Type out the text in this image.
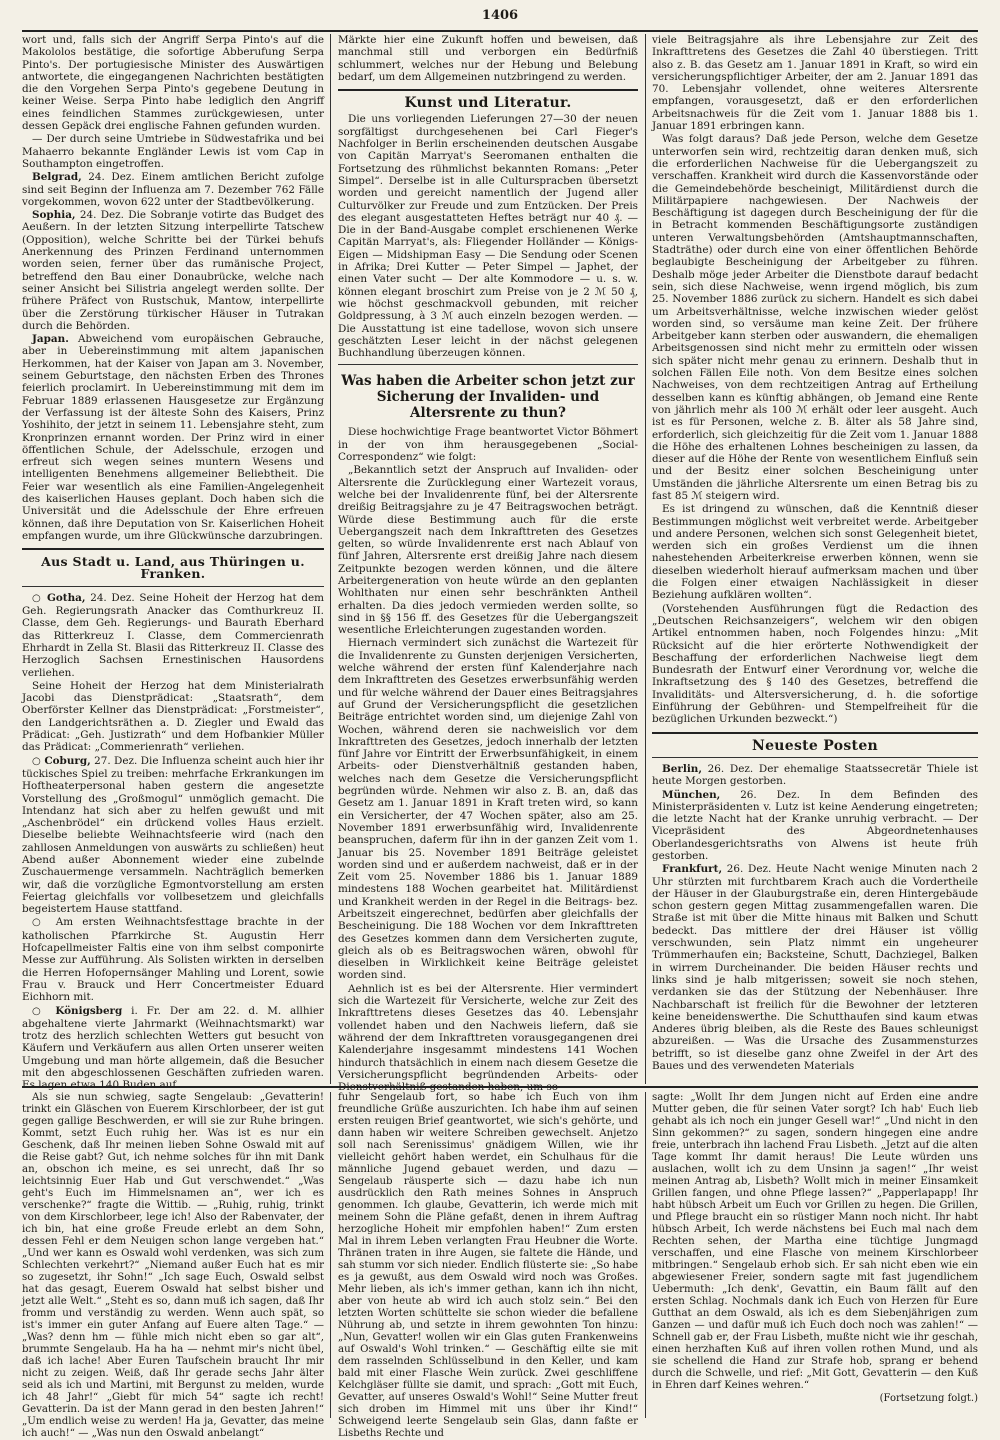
1406

wort und, falls sich der Angriff Serpa Pinto's auf die Makololos bestätige, die sofortige Abberufung Serpa Pinto's. Der portugiesische Minister des Auswärtigen antwortete, die eingegangenen Nachrichten bestätigten die den Vorgehen Serpa Pinto's gegebene Deutung in keiner Weise. Serpa Pinto habe lediglich den Angriff eines feindlichen Stammes zurückgewiesen, unter dessen Gepäck drei englische Fahnen gefunden wurden.

— Der durch seine Umtriebe in Südwestafrika und bei Mahaerro bekannte Engländer Lewis ist vom Cap in Southampton eingetroffen.

Belgrad, 24. Dez. Einem amtlichen Bericht zufolge sind seit Beginn der Influenza am 7. Dezember 762 Fälle vorgekommen, wovon 622 unter der Stadtbevölkerung.

Sophia, 24. Dez. Die Sobranje votirte das Budget des Aeußern. In der letzten Sitzung interpellirte Tatschew (Opposition), welche Schritte bei der Türkei behufs Anerkennung des Prinzen Ferdinand unternommen worden seien, ferner über das rumänische Project, betreffend den Bau einer Donaubrücke, welche nach seiner Ansicht bei Silistria angelegt werden sollte. Der frühere Präfect von Rustschuk, Mantow, interpellirte über die Zerstörung türkischer Häuser in Tutrakan durch die Behörden.

Japan. Abweichend vom europäischen Gebrauche, aber in Uebereinstimmung mit altem japanischen Herkommen, hat der Kaiser von Japan am 3. November, seinem Geburtstage, den nächsten Erben des Thrones feierlich proclamirt. In Uebereinstimmung mit dem im Februar 1889 erlassenen Hausgesetze zur Ergänzung der Verfassung ist der älteste Sohn des Kaisers, Prinz Yoshihito, der jetzt in seinem 11. Lebensjahre steht, zum Kronprinzen ernannt worden. Der Prinz wird in einer öffentlichen Schule, der Adelsschule, erzogen und erfreut sich wegen seines muntern Wesens und intelligenten Benehmens allgemeiner Beliebtheit. Die Feier war wesentlich als eine Familien-Angelegenheit des kaiserlichen Hauses geplant. Doch haben sich die Universität und die Adelsschule der Ehre erfreuen können, daß ihre Deputation von Sr. Kaiserlichen Hoheit empfangen wurde, um ihre Glückwünsche darzubringen.

Aus Stadt u. Land, aus Thüringen u. Franken.

○ Gotha, 24. Dez. Seine Hoheit der Herzog hat dem Geh. Regierungsrath Anacker das Comthurkreuz II. Classe, dem Geh. Regierungs- und Baurath Eberhard das Ritterkreuz I. Classe, dem Commercienrath Ehrhardt in Zella St. Blasii das Ritterkreuz II. Classe des Herzoglich Sachsen Ernestinischen Hausordens verliehen.

Seine Hoheit der Herzog hat dem Ministerialrath Jacobi das Dienstprädicat: „Staatsrath“, dem Oberförster Kellner das Dienstprädicat: „Forstmeister“, den Landgerichtsräthen a. D. Ziegler und Ewald das Prädicat: „Geh. Justizrath“ und dem Hofbankier Müller das Prädicat: „Commerienrath“ verliehen.

○ Coburg, 27. Dez. Die Influenza scheint auch hier ihr tückisches Spiel zu treiben: mehrfache Erkrankungen im Hoftheaterpersonal haben gestern die angesetzte Vorstellung des „Großmogul“ unmöglich gemacht. Die Intendanz hat sich aber zu helfen gewußt und mit „Aschenbrödel“ ein drückend volles Haus erzielt. Dieselbe beliebte Weihnachtsfeerie wird (nach den zahllosen Anmeldungen von auswärts zu schließen) heut Abend außer Abonnement wieder eine zubelnde Zuschauermenge versammeln. Nachträglich bemerken wir, daß die vorzügliche Egmontvorstellung am ersten Feiertag gleichfalls vor vollbesetzem und gleichfalls begeistertem Hause stattfand.

○ Am ersten Weihnachtsfesttage brachte in der katholischen Pfarrkirche St. Augustin Herr Hofcapellmeister Faltis eine von ihm selbst componirte Messe zur Aufführung. Als Solisten wirkten in derselben die Herren Hofopernsänger Mahling und Lorent, sowie Frau v. Brauck und Herr Concertmeister Eduard Eichhorn mit.

○ Königsberg i. Fr. Der am 22. d. M. allhier abgehaltene vierte Jahrmarkt (Weihnachtsmarkt) war trotz des herzlich schlechten Wetters gut besucht von Käufern und Verkäufern aus allen Orten unserer weiten Umgebung und man hörte allgemein, daß die Besucher mit den abgeschlossenen Geschäften zufrieden waren. Es lagen etwa 140 Buden auf.

Märkte hier eine Zukunft hoffen und beweisen, daß manchmal still und verborgen ein Bedürfniß schlummert, welches nur der Hebung und Belebung bedarf, um dem Allgemeinen nutzbringend zu werden.

Kunst und Literatur.

Die uns vorliegenden Lieferungen 27—30 der neuen sorgfältigst durchgesehenen bei Carl Fieger's Nachfolger in Berlin erscheinenden deutschen Ausgabe von Capitän Marryat's Seeromanen enthalten die Fortsetzung des rühmlichst bekannten Romans: „Peter Simpel“. Derselbe ist in alle Culturspracben übersetzt worden und gereicht namentlich der Jugend aller Culturvölker zur Freude und zum Entzücken. Der Preis des elegant ausgestatteten Heftes beträgt nur 40 ₰. — Die in der Band-Ausgabe complet erschienenen Werke Capitän Marryat's, als: Fliegender Holländer — Königs-Eigen — Midshipman Easy — Die Sendung oder Scenen in Afrika; Drei Kutter — Peter Simpel — Japhet, der einen Vater sucht — Der alte Kommodore — u. s. w. können elegant broschirt zum Preise von je 2 ℳ 50 ₰, wie höchst geschmackvoll gebunden, mit reicher Goldpressung, à 3 ℳ auch einzeln bezogen werden. — Die Ausstattung ist eine tadellose, wovon sich unsere geschätzten Leser leicht in der nächst gelegenen Buchhandlung überzeugen können.

Was haben die Arbeiter schon jetzt zur Sicherung der Invaliden- und Altersrente zu thun?

Diese hochwichtige Frage beantwortet Victor Böhmert in der von ihm herausgegebenen „Social-Correspondenz“ wie folgt:

„Bekanntlich setzt der Anspruch auf Invaliden- oder Altersrente die Zurücklegung einer Wartezeit voraus, welche bei der Invalidenrente fünf, bei der Altersrente dreißig Beitragsjahre zu je 47 Beitragswochen beträgt. Würde diese Bestimmung auch für die erste Uebergangszeit nach dem Inkrafttreten des Gesetzes gelten, so würde Invalidenrente erst nach Ablauf von fünf Jahren, Altersrente erst dreißig Jahre nach diesem Zeitpunkte bezogen werden können, und die ältere Arbeitergeneration von heute würde an den geplanten Wohlthaten nur einen sehr beschränkten Antheil erhalten. Da dies jedoch vermieden werden sollte, so sind in §§ 156 ff. des Gesetzes für die Uebergangszeit wesentliche Erleichterungen zugestanden worden.

Hiernach vermindert sich zunächst die Wartezeit für die Invalidenrente zu Gunsten derjenigen Versicherten, welche während der ersten fünf Kalenderjahre nach dem Inkrafttreten des Gesetzes erwerbsunfähig werden und für welche während der Dauer eines Beitragsjahres auf Grund der Versicherungspflicht die gesetzlichen Beiträge entrichtet worden sind, um diejenige Zahl von Wochen, während deren sie nachweislich vor dem Inkrafttreten des Gesetzes, jedoch innerhalb der letzten fünf Jahre vor Eintritt der Erwerbsunfähigkeit, in einem Arbeits- oder Dienstverhältniß gestanden haben, welches nach dem Gesetze die Versicherungspflicht begründen würde. Nehmen wir also z. B. an, daß das Gesetz am 1. Januar 1891 in Kraft treten wird, so kann ein Versicherter, der 47 Wochen später, also am 25. November 1891 erwerbsunfähig wird, Invalidenrente beanspruchen, daferm für ihn in der ganzen Zeit vom 1. Januar bis 25. November 1891 Beiträge geleistet worden sind und er außerdem nachweist, daß er in der Zeit vom 25. November 1886 bis 1. Januar 1889 mindestens 188 Wochen gearbeitet hat. Militärdienst und Krankheit werden in der Regel in die Beitrags- bez. Arbeitszeit eingerechnet, bedürfen aber gleichfalls der Bescheinigung. Die 188 Wochen vor dem Inkrafttreten des Gesetzes kommen dann dem Versicherten zugute, gleich als ob es Beitragswochen wären, obwohl für dieselben in Wirklichkeit keine Beiträge geleistet worden sind.

Aehnlich ist es bei der Altersrente. Hier vermindert sich die Wartezeit für Versicherte, welche zur Zeit des Inkrafttretens dieses Gesetzes das 40. Lebensjahr vollendet haben und den Nachweis liefern, daß sie während der dem Inkrafttreten vorausgegangenen drei Kalenderjahre insgesammt mindestens 141 Wochen hindurch thatsächlich in einem nach diesem Gesetze die Versicherungspflicht begründenden Arbeits- oder Dienstverhältniß gestanden haben, um so

viele Beitragsjahre als ihre Lebensjahre zur Zeit des Inkrafttretens des Gesetzes die Zahl 40 überstiegen. Tritt also z. B. das Gesetz am 1. Januar 1891 in Kraft, so wird ein versicherungspflichtiger Arbeiter, der am 2. Januar 1891 das 70. Lebensjahr vollendet, ohne weiteres Altersrente empfangen, vorausgesetzt, daß er den erforderlichen Arbeitsnachweis für die Zeit vom 1. Januar 1888 bis 1. Januar 1891 erbringen kann.

Was folgt daraus? Daß jede Person, welche dem Gesetze unterworfen sein wird, rechtzeitig daran denken muß, sich die erforderlichen Nachweise für die Uebergangszeit zu verschaffen. Krankheit wird durch die Kassenvorstände oder die Gemeindebehörde bescheinigt, Militärdienst durch die Militärpapiere nachgewiesen. Der Nachweis der Beschäftigung ist dagegen durch Bescheinigung der für die in Betracht kommenden Beschäftigungsorte zuständigen unteren Verwaltungsbehörden (Amtshauptmannschaften, Stadträthe) oder durch eine von einer öffentlichen Behörde beglaubigte Bescheinigung der Arbeitgeber zu führen. Deshalb möge jeder Arbeiter die Dienstbote darauf bedacht sein, sich diese Nachweise, wenn irgend möglich, bis zum 25. November 1886 zurück zu sichern. Handelt es sich dabei um Arbeitsverhältnisse, welche inzwischen wieder gelöst worden sind, so versäume man keine Zeit. Der frühere Arbeitgeber kann sterben oder auswandern, die ehemaligen Arbeitsgenossen sind nicht mehr zu ermitteln oder wissen sich später nicht mehr genau zu erinnern. Deshalb thut in solchen Fällen Eile noth. Von dem Besitze eines solchen Nachweises, von dem rechtzeitigen Antrag auf Ertheilung desselben kann es künftig abhängen, ob Jemand eine Rente von jährlich mehr als 100 ℳ erhält oder leer ausgeht. Auch ist es für Personen, welche z. B. älter als 58 Jahre sind, erforderlich, sich gleichzeitig für die Zeit vom 1. Januar 1888 die Höhe des erhaltenen Lohnes bescheinigen zu lassen, da dieser auf die Höhe der Rente von wesentlichem Einfluß sein und der Besitz einer solchen Bescheinigung unter Umständen die jährliche Altersrente um einen Betrag bis zu fast 85 ℳ steigern wird.

Es ist dringend zu wünschen, daß die Kenntniß dieser Bestimmungen möglichst weit verbreitet werde. Arbeitgeber und andere Personen, welchen sich sonst Gelegenheit bietet, werden sich ein großes Verdienst um die ihnen nahestehenden Arbeiterkreise erwerben können, wenn sie dieselben wiederholt hierauf aufmerksam machen und über die Folgen einer etwaigen Nachlässigkeit in dieser Beziehung aufklären wollten“.

(Vorstehenden Ausführungen fügt die Redaction des „Deutschen Reichsanzeigers“, welchem wir den obigen Artikel entnommen haben, noch Folgendes hinzu: „Mit Rücksicht auf die hier erörterte Nothwendigkeit der Beschaffung der erforderlichen Nachweise liegt dem Bundesrath der Entwurf einer Verordnung vor, welche die Inkraftsetzung des § 140 des Gesetzes, betreffend die Invaliditäts- und Altersversicherung, d. h. die sofortige Einführung der Gebühren- und Stempelfreiheit für die bezüglichen Urkunden bezweckt.“)

Neueste Posten

Berlin, 26. Dez. Der ehemalige Staatssecretär Thiele ist heute Morgen gestorben.

München, 26. Dez. In dem Befinden des Ministerpräsidenten v. Lutz ist keine Aenderung eingetreten; die letzte Nacht hat der Kranke unruhig verbracht. — Der Vicepräsident des Abgeordnetenhauses Oberlandesgerichtsraths von Alwens ist heute früh gestorben.

Frankfurt, 26. Dez. Heute Nacht wenige Minuten nach 2 Uhr stürzten mit furchtbarem Krach auch die Vordertheile der Häuser in der Glauburgstraße ein, deren Hintergebäude schon gestern gegen Mittag zusammengefallen waren. Die Straße ist mit über die Mitte hinaus mit Balken und Schutt bedeckt. Das mittlere der drei Häuser ist völlig verschwunden, sein Platz nimmt ein ungeheurer Trümmerhaufen ein; Backsteine, Schutt, Dachziegel, Balken in wirrem Durcheinander. Die beiden Häuser rechts und links sind je halb mitgerissen; soweit sie noch stehen, verdanken sie das der Stützung der Nebenhäuser. Ihre Nachbarschaft ist freilich für die Bewohner der letzteren keine beneidenswerthe. Die Schutthaufen sind kaum etwas Anderes übrig bleiben, als die Reste des Baues schleunigst abzureißen. — Was die Ursache des Zusammensturzes betrifft, so ist dieselbe ganz ohne Zweifel in der Art des Baues und des verwendeten Materials

Als sie nun schwieg, sagte Sengelaub: „Gevatterin! trinkt ein Gläschen von Euerem Kirschlorbeer, der ist gut gegen gallige Beschwerden, er will sie zur Ruhe bringen. Kommt, setzt Euch ruhig her. Was ist es nur ein Geschenk, daß Ihr meinen lieben Sohne Oswald mit auf die Reise gabt? Gut, ich nehme solches für ihn mit Dank an, obschon ich meine, es sei unrecht, daß Ihr so leichtsinnig Euer Hab und Gut verschwendet.“ „Was geht's Euch im Himmelsnamen an“, wer ich es verschenke?“ fragte die Wittib. — „Ruhig, ruhig, trinkt von dem Kirschlorbeer, lege ich! Also der Rabenvater, der ich bin, hat eine große Freude erlebt an dem Sohn, dessen Fehl er dem Neuigen schon lange vergeben hat.“ „Und wer kann es Oswald wohl verdenken, was sich zum Schlechten verkehrt?“ „Niemand außer Euch hat es mir so zugesetzt, ihr Sohn!“ „Ich sage Euch, Oswald selbst hat das gesagt, Euerem Oswald hat selbst bisher und jetzt alle Welt.“ „Steht es so, dann muß ich sagen, daß Ihr fromm und verständig zu werden. Wenn auch spät, so ist's immer ein guter Anfang auf Euere alten Tage.“ — „Was? denn hm — fühle mich nicht eben so gar alt“, brummte Sengelaub. Ha ha ha — nehmt mir's nicht übel, daß ich lache! Aber Euren Taufschein braucht Ihr mir nicht zu zeigen. Weiß, daß Ihr gerade sechs Jahr älter seid als ich und Martini, mit Bergunst zu melden, wurde ich 48 Jahr!“ „Giebt für mich 54“ sagte ich recht! Gevatterin. Da ist der Mann gerad in den besten Jahren!“ „Um endlich weise zu werden! Ha ja, Gevatter, das meine ich auch!“ — „Was nun den Oswald anbelangt“

fuhr Sengelaub fort, so habe ich Euch von ihm freundliche Grüße auszurichten. Ich habe ihm auf seinen ersten reuigen Brief geantwortet, wie sich's gehörte, und dann haben wir weitere Schreiben gewechselt. Anjetzo soll nach Serenissimus' gnädigem Willen, wie ihr vielleicht gehört haben werdet, ein Schulhaus für die männliche Jugend gebauet werden, und dazu — Sengelaub räusperte sich — dazu habe ich nun ausdrücklich den Rath meines Sohnes in Anspruch genommen. Ich glaube, Gevatterin, ich werde mich mit meinem Sohn die Pläne gefaßt, denen in ihrem Auftrag herzogliche Hoheit mir empfohlen haben!“ Zum ersten Mal in ihrem Leben verlangten Frau Heubner die Worte. Thränen traten in ihre Augen, sie faltete die Hände, und sah stumm vor sich nieder. Endlich flüsterte sie: „So habe es ja gewußt, aus dem Oswald wird noch was Großes. Mehr lieben, als ich's immer gethan, kann ich ihn nicht, aber von heute ab wird ich auch stolz sein.“ Bei den letzten Worten schüttelte sie schon wieder die befallene Nührung ab, und setzte in ihrem gewohnten Ton hinzu: „Nun, Gevatter! wollen wir ein Glas guten Frankenweins auf Oswald's Wohl trinken.“ — Geschäftig eilte sie mit dem rasselnden Schlüsselbund in den Keller, und kam bald mit einer Flasche Wein zurück. Zwei geschliffene Kelchgläser füllte sie damit, und sprach: „Gott mit Euch, Gevatter, auf unseres Oswald's Wohl!“ Seine Mutter freut sich droben im Himmel mit uns über ihr Kind!“ Schweigend leerte Sengelaub sein Glas, dann faßte er Lisbeths Rechte und

sagte: „Wollt Ihr dem Jungen nicht auf Erden eine andre Mutter geben, die für seinen Vater sorgt? Ich hab' Euch lieb gehabt als ich noch ein junger Gesell war!“ „Und nicht in den Sinn gekommen?“ zu sagen, sondern hingegen eine andre freie, unterbrach ihn lachend Frau Lisbeth. „Jetzt auf die alten Tage kommt Ihr damit heraus! Die Leute würden uns auslachen, wollt ich zu dem Unsinn ja sagen!“ „Ihr weist meinen Antrag ab, Lisbeth? Wollt mich in meiner Einsamkeit Grillen fangen, und ohne Pflege lassen?“ „Papperlapapp! Ihr habt hübsch Arbeit um Euch vor Grillen zu hegen. Die Grillen, und Pflege braucht ein so rüstiger Mann noch nicht. Ihr habt hübsch Arbeit, Ich werde nächstens bei Euch mal nach dem Rechten sehen, der Martha eine tüchtige Jungmagd verschaffen, und eine Flasche von meinem Kirschlorbeer mitbringen.“ Sengelaub erhob sich. Er sah nicht eben wie ein abgewiesener Freier, sondern sagte mit fast jugendlichem Uebermuth: „Ich denk', Gevattin, ein Baum fällt auf den ersten Schlag. Nochmals dank ich Euch von Herzen für Eure Gutthat an dem Oswald, als ich es dem Siebenjährigen zum Ganzen — und dafür muß ich Euch doch noch was zahlen!“ — Schnell gab er, der Frau Lisbeth, mußte nicht wie ihr geschah, einen herzhaften Kuß auf ihren vollen rothen Mund, und als sie schellend die Hand zur Strafe hob, sprang er behend durch die Schwelle, und rief: „Mit Gott, Gevatterin — den Kuß in Ehren darf Keines wehren.“

(Fortsetzung folgt.)
